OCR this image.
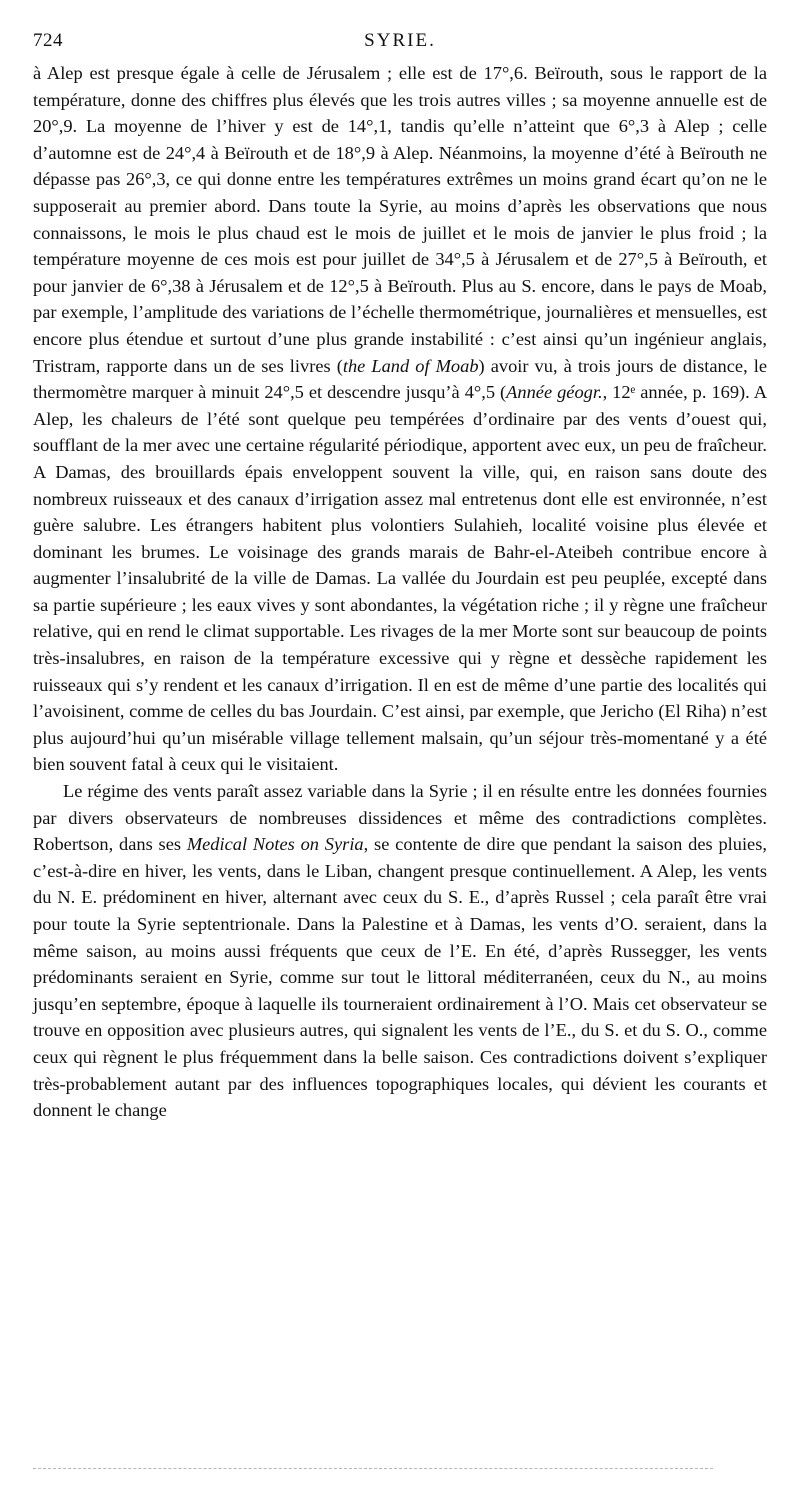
724	SYRIE.

à Alep est presque égale à celle de Jérusalem ; elle est de 17°,6. Beïrouth, sous le rapport de la température, donne des chiffres plus élevés que les trois autres villes ; sa moyenne annuelle est de 20°,9. La moyenne de l’hiver y est de 14°,1, tandis qu’elle n’atteint que 6°,3 à Alep ; celle d’automne est de 24°,4 à Beïrouth et de 18°,9 à Alep. Néanmoins, la moyenne d’été à Beïrouth ne dépasse pas 26°,3, ce qui donne entre les températures extrêmes un moins grand écart qu’on ne le supposerait au premier abord. Dans toute la Syrie, au moins d’après les observations que nous connaissons, le mois le plus chaud est le mois de juillet et le mois de janvier le plus froid ; la température moyenne de ces mois est pour juillet de 34°,5 à Jérusalem et de 27°,5 à Beïrouth, et pour janvier de 6°,38 à Jérusalem et de 12°,5 à Beïrouth. Plus au S. encore, dans le pays de Moab, par exemple, l’amplitude des variations de l’échelle thermométrique, journalières et mensuelles, est encore plus étendue et surtout d’une plus grande instabilité : c’est ainsi qu’un ingénieur anglais, Tristram, rapporte dans un de ses livres (the Land of Moab) avoir vu, à trois jours de distance, le thermomètre marquer à minuit 24°,5 et descendre jusqu’à 4°,5 (Année géogr., 12ᵉ année, p. 169). A Alep, les chaleurs de l’été sont quelque peu tempérées d’ordinaire par des vents d’ouest qui, soufflant de la mer avec une certaine régularité périodique, apportent avec eux, un peu de fraîcheur. A Damas, des brouillards épais enveloppent souvent la ville, qui, en raison sans doute des nombreux ruisseaux et des canaux d’irrigation assez mal entretenus dont elle est environnée, n’est guère salubre. Les étrangers habitent plus volontiers Sulahieh, localité voisine plus élevée et dominant les brumes. Le voisinage des grands marais de Bahr-el-Ateibeh contribue encore à augmenter l’insalubrité de la ville de Damas. La vallée du Jourdain est peu peuplée, excepté dans sa partie supérieure ; les eaux vives y sont abondantes, la végétation riche ; il y règne une fraîcheur relative, qui en rend le climat supportable. Les rivages de la mer Morte sont sur beaucoup de points très-insalubres, en raison de la température excessive qui y règne et dessèche rapidement les ruisseaux qui s’y rendent et les canaux d’irrigation. Il en est de même d’une partie des localités qui l’avoisinent, comme de celles du bas Jourdain. C’est ainsi, par exemple, que Jericho (El Riha) n’est plus aujourd’hui qu’un misérable village tellement malsain, qu’un séjour très-momentané y a été bien souvent fatal à ceux qui le visitaient.

Le régime des vents paraît assez variable dans la Syrie ; il en résulte entre les données fournies par divers observateurs de nombreuses dissidences et même des contradictions complètes. Robertson, dans ses Medical Notes on Syria, se contente de dire que pendant la saison des pluies, c’est-à-dire en hiver, les vents, dans le Liban, changent presque continuellement. A Alep, les vents du N. E. prédominent en hiver, alternant avec ceux du S. E., d’après Russel ; cela paraît être vrai pour toute la Syrie septentrionale. Dans la Palestine et à Damas, les vents d’O. seraient, dans la même saison, au moins aussi fréquents que ceux de l’E. En été, d’après Russegger, les vents prédominants seraient en Syrie, comme sur tout le littoral méditerranéen, ceux du N., au moins jusqu’en septembre, époque à laquelle ils tourneraient ordinairement à l’O. Mais cet observateur se trouve en opposition avec plusieurs autres, qui signalent les vents de l’E., du S. et du S. O., comme ceux qui règnent le plus fréquemment dans la belle saison. Ces contradictions doivent s’expliquer très-probablement autant par des influences topographiques locales, qui dévient les courants et donnent le change
